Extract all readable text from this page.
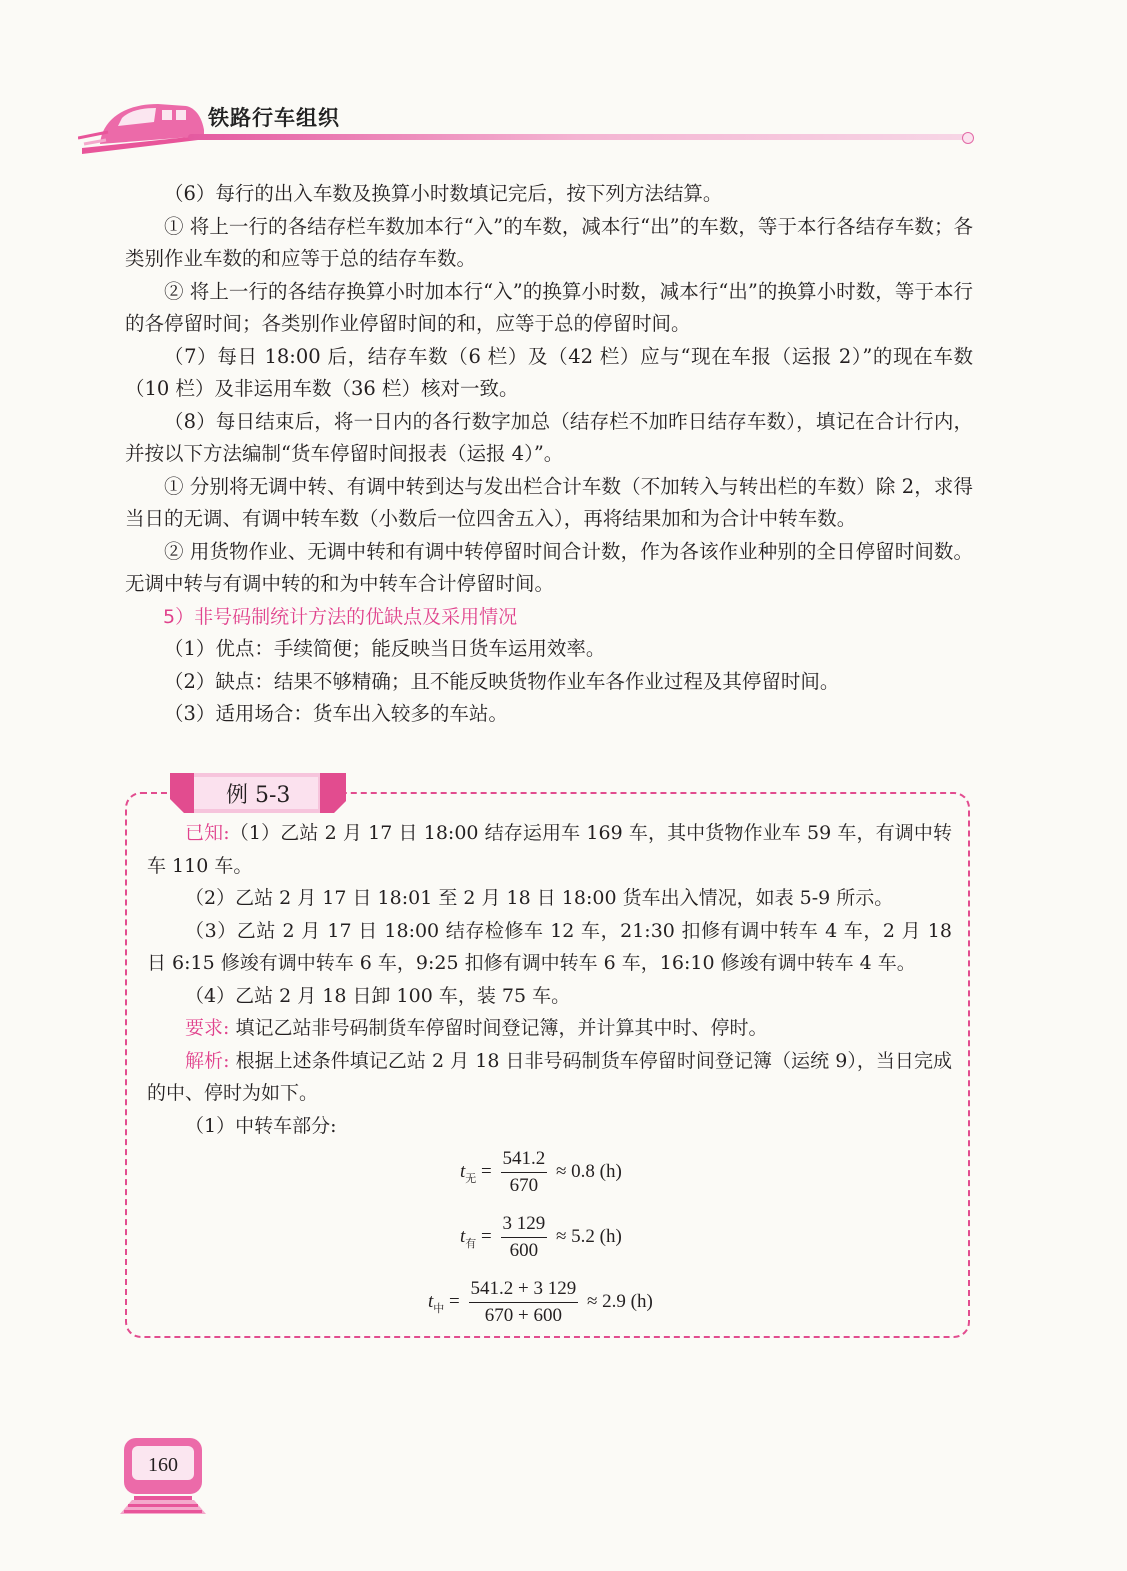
铁路行车组织

（6）每行的出入车数及换算小时数填记完后，按下列方法结算。

① 将上一行的各结存栏车数加本行“入”的车数，减本行“出”的车数，等于本行各结存车数；各类别作业车数的和应等于总的结存车数。

② 将上一行的各结存换算小时加本行“入”的换算小时数，减本行“出”的换算小时数，等于本行的各停留时间；各类别作业停留时间的和，应等于总的停留时间。

（7）每日 18:00 后，结存车数（6 栏）及（42 栏）应与“现在车报（运报 2）”的现在车数（10 栏）及非运用车数（36 栏）核对一致。

（8）每日结束后，将一日内的各行数字加总（结存栏不加昨日结存车数），填记在合计行内，并按以下方法编制“货车停留时间报表（运报 4）”。

① 分别将无调中转、有调中转到达与发出栏合计车数（不加转入与转出栏的车数）除 2，求得当日的无调、有调中转车数（小数后一位四舍五入），再将结果加和为合计中转车数。

② 用货物作业、无调中转和有调中转停留时间合计数，作为各该作业种别的全日停留时间数。无调中转与有调中转的和为中转车合计停留时间。

5）非号码制统计方法的优缺点及采用情况

（1）优点：手续简便；能反映当日货车运用效率。

（2）缺点：结果不够精确；且不能反映货物作业车各作业过程及其停留时间。

（3）适用场合：货车出入较多的车站。

例 5-3

已知:（1）乙站 2 月 17 日 18:00 结存运用车 169 车，其中货物作业车 59 车，有调中转车 110 车。

（2）乙站 2 月 17 日 18:01 至 2 月 18 日 18:00 货车出入情况，如表 5-9 所示。

（3）乙站 2 月 17 日 18:00 结存检修车 12 车，21:30 扣修有调中转车 4 车，2 月 18 日 6:15 修竣有调中转车 6 车，9:25 扣修有调中转车 6 车，16:10 修竣有调中转车 4 车。

（4）乙站 2 月 18 日卸 100 车，装 75 车。

要求: 填记乙站非号码制货车停留时间登记簿，并计算其中时、停时。

解析: 根据上述条件填记乙站 2 月 18 日非号码制货车停留时间登记簿（运统 9），当日完成的中、停时为如下。

（1）中转车部分:

$t_无 = \frac{541.2}{670} \approx 0.8$ (h)
$t_有 = \frac{3 129}{600} \approx 5.2$ (h)
$t_中 = \frac{541.2 + 3 129}{670 + 600} \approx 2.9$ (h)
160
